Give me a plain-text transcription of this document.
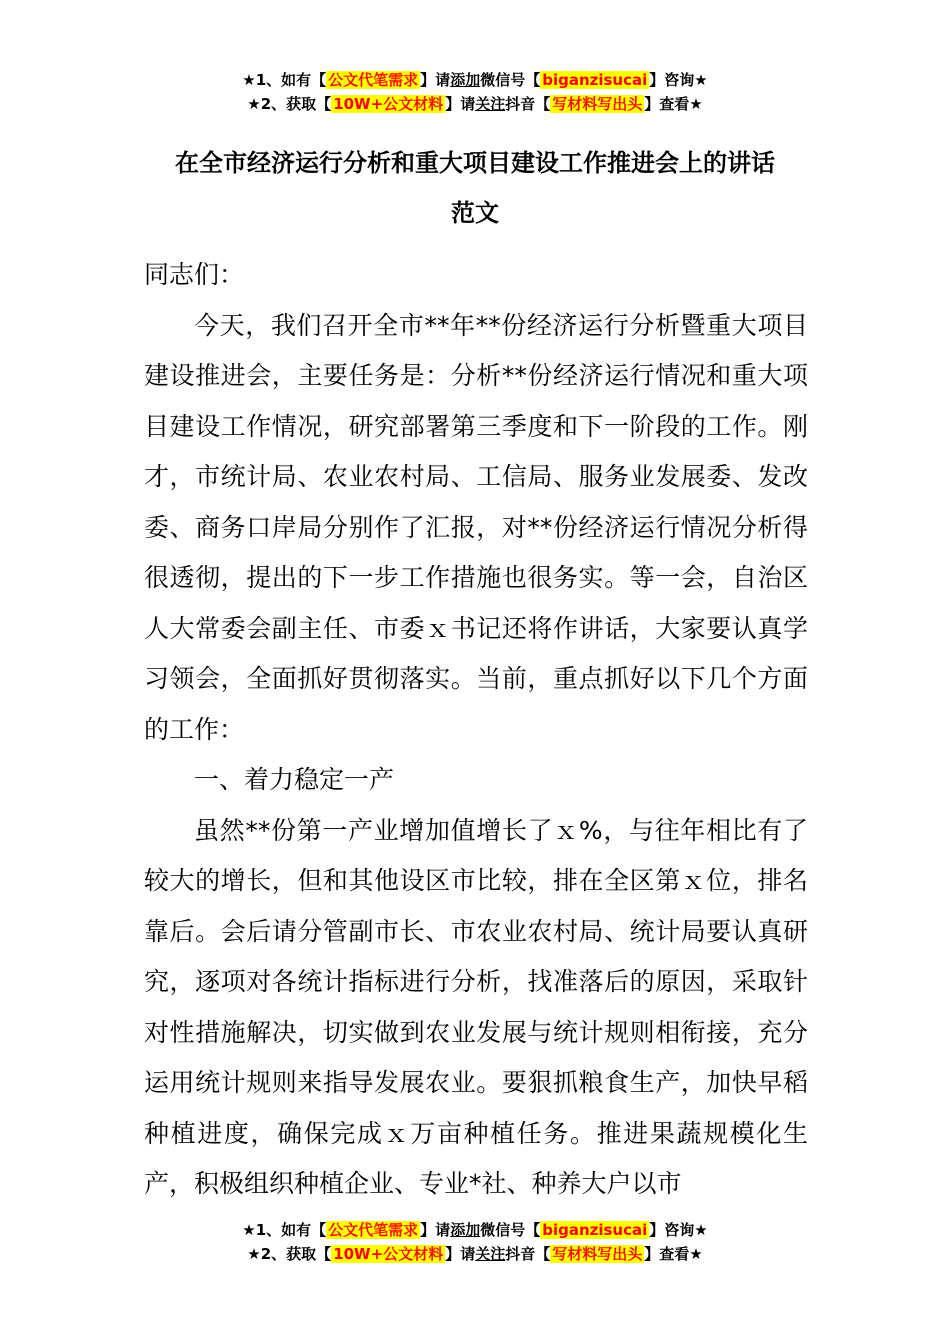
★1、如有【 公文代笔需求 】请添加微信号【 biganzisucai 】咨询★
★2、获取【 10W+公文材料 】请关注抖音【 写材料写出头 】查看★
在全市经济运行分析和重大项目建设工作推进会上的讲话
范文

同志们：

今天，我们召开全市**年**份经济运行分析暨重大项目建设推进会，主要任务是：分析**份经济运行情况和重大项目建设工作情况，研究部署第三季度和下一阶段的工作。刚才，市统计局、农业农村局、工信局、服务业发展委、发改委、商务口岸局分别作了汇报，对**份经济运行情况分析得很透彻，提出的下一步工作措施也很务实。等一会，自治区人大常委会副主任、市委ｘ书记还将作讲话，大家要认真学习领会，全面抓好贯彻落实。当前，重点抓好以下几个方面的工作：

一、着力稳定一产

虽然**份第一产业增加值增长了ｘ%，与往年相比有了较大的增长，但和其他设区市比较，排在全区第ｘ位，排名靠后。会后请分管副市长、市农业农村局、统计局要认真研究，逐项对各统计指标进行分析，找准落后的原因，采取针对性措施解决，切实做到农业发展与统计规则相衔接，充分运用统计规则来指导发展农业。要狠抓粮食生产，加快早稻种植进度，确保完成ｘ万亩种植任务。推进果蔬规模化生产，积极组织种植企业、专业*社、种养大户以市

★1、如有【 公文代笔需求 】请添加微信号【 biganzisucai 】咨询★
★2、获取【 10W+公文材料 】请关注抖音【 写材料写出头 】查看★
